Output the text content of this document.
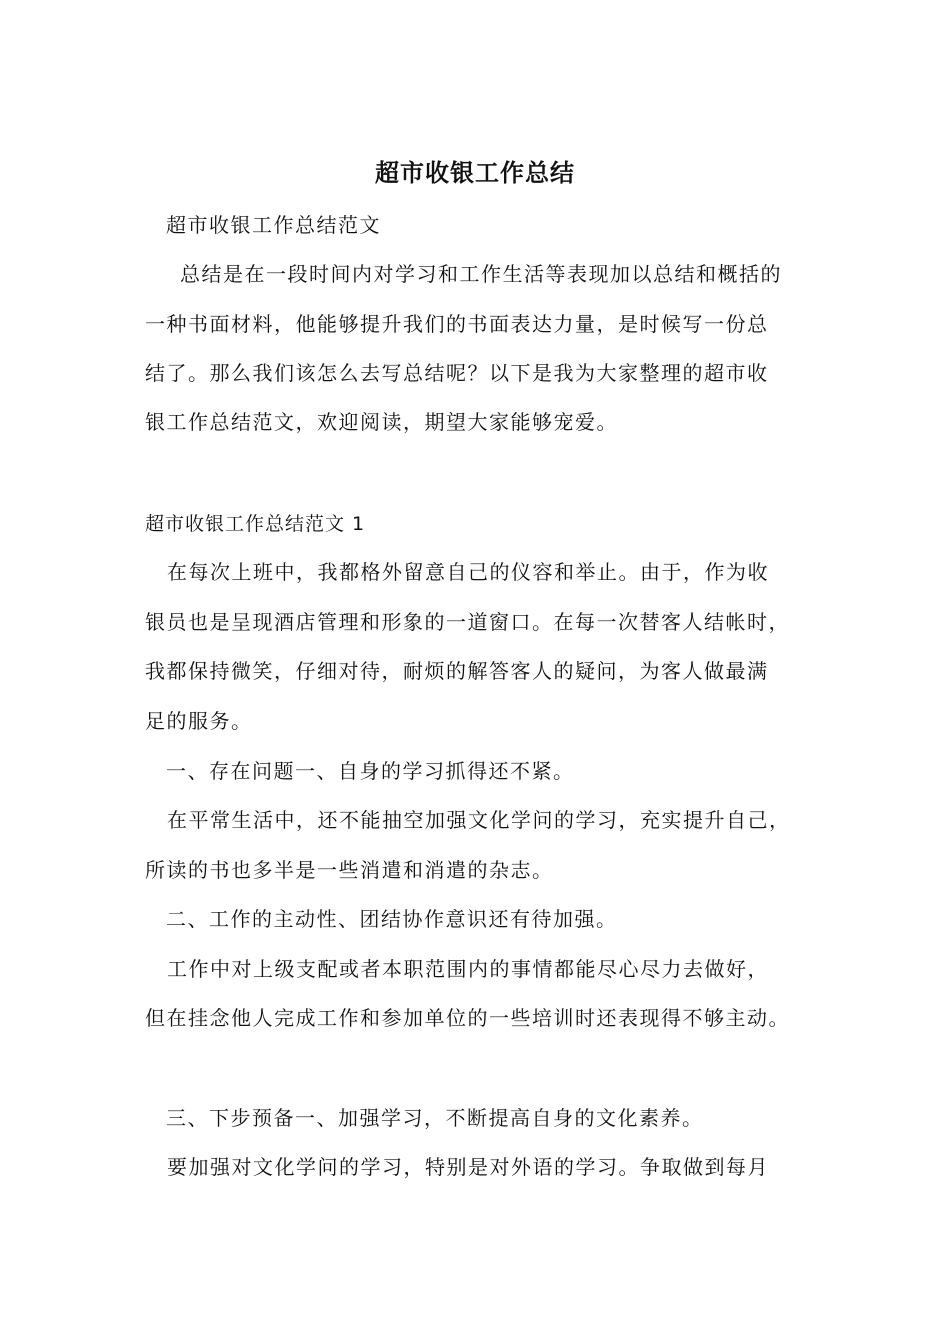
超市收银工作总结

超市收银工作总结范文

总结是在一段时间内对学习和工作生活等表现加以总结和概括的

一种书面材料，他能够提升我们的书面表达力量，是时候写一份总

结了。那么我们该怎么去写总结呢？以下是我为大家整理的超市收

银工作总结范文，欢迎阅读，期望大家能够宠爱。

超市收银工作总结范文 1

在每次上班中，我都格外留意自己的仪容和举止。由于，作为收

银员也是呈现酒店管理和形象的一道窗口。在每一次替客人结帐时，

我都保持微笑，仔细对待，耐烦的解答客人的疑问，为客人做最满

足的服务。

一、存在问题一、自身的学习抓得还不紧。

在平常生活中，还不能抽空加强文化学问的学习，充实提升自己，

所读的书也多半是一些消遣和消遣的杂志。

二、工作的主动性、团结协作意识还有待加强。

工作中对上级支配或者本职范围内的事情都能尽心尽力去做好，

但在挂念他人完成工作和参加单位的一些培训时还表现得不够主动。

三、下步预备一、加强学习，不断提高自身的文化素养。

要加强对文化学问的学习，特别是对外语的学习。争取做到每月
